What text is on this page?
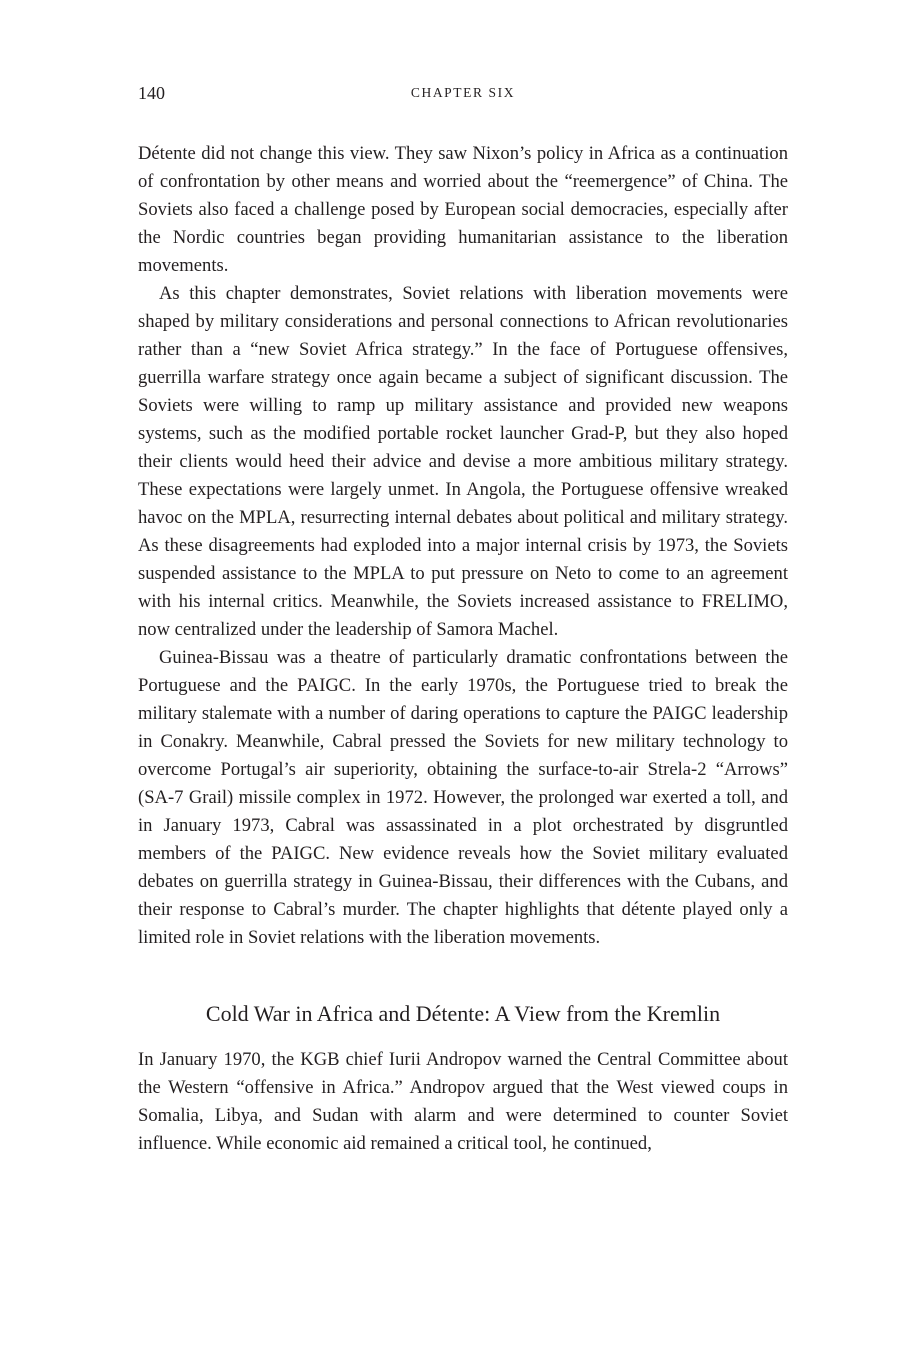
140	CHAPTER SIX

Détente did not change this view. They saw Nixon’s policy in Africa as a continuation of confrontation by other means and worried about the “reemergence” of China. The Soviets also faced a challenge posed by European social democracies, especially after the Nordic countries began providing humanitarian assistance to the liberation movements.

As this chapter demonstrates, Soviet relations with liberation movements were shaped by military considerations and personal connections to African revolutionaries rather than a “new Soviet Africa strategy.” In the face of Portuguese offensives, guerrilla warfare strategy once again became a subject of significant discussion. The Soviets were willing to ramp up military assistance and provided new weapons systems, such as the modified portable rocket launcher Grad-P, but they also hoped their clients would heed their advice and devise a more ambitious military strategy. These expectations were largely unmet. In Angola, the Portuguese offensive wreaked havoc on the MPLA, resurrecting internal debates about political and military strategy. As these disagreements had exploded into a major internal crisis by 1973, the Soviets suspended assistance to the MPLA to put pressure on Neto to come to an agreement with his internal critics. Meanwhile, the Soviets increased assistance to FRELIMO, now centralized under the leadership of Samora Machel.

Guinea-Bissau was a theatre of particularly dramatic confrontations between the Portuguese and the PAIGC. In the early 1970s, the Portuguese tried to break the military stalemate with a number of daring operations to capture the PAIGC leadership in Conakry. Meanwhile, Cabral pressed the Soviets for new military technology to overcome Portugal’s air superiority, obtaining the surface-to-air Strela-2 “Arrows” (SA-7 Grail) missile complex in 1972. However, the prolonged war exerted a toll, and in January 1973, Cabral was assassinated in a plot orchestrated by disgruntled members of the PAIGC. New evidence reveals how the Soviet military evaluated debates on guerrilla strategy in Guinea-Bissau, their differences with the Cubans, and their response to Cabral’s murder. The chapter highlights that détente played only a limited role in Soviet relations with the liberation movements.

Cold War in Africa and Détente: A View from the Kremlin

In January 1970, the KGB chief Iurii Andropov warned the Central Committee about the Western “offensive in Africa.” Andropov argued that the West viewed coups in Somalia, Libya, and Sudan with alarm and were determined to counter Soviet influence. While economic aid remained a critical tool, he continued,
